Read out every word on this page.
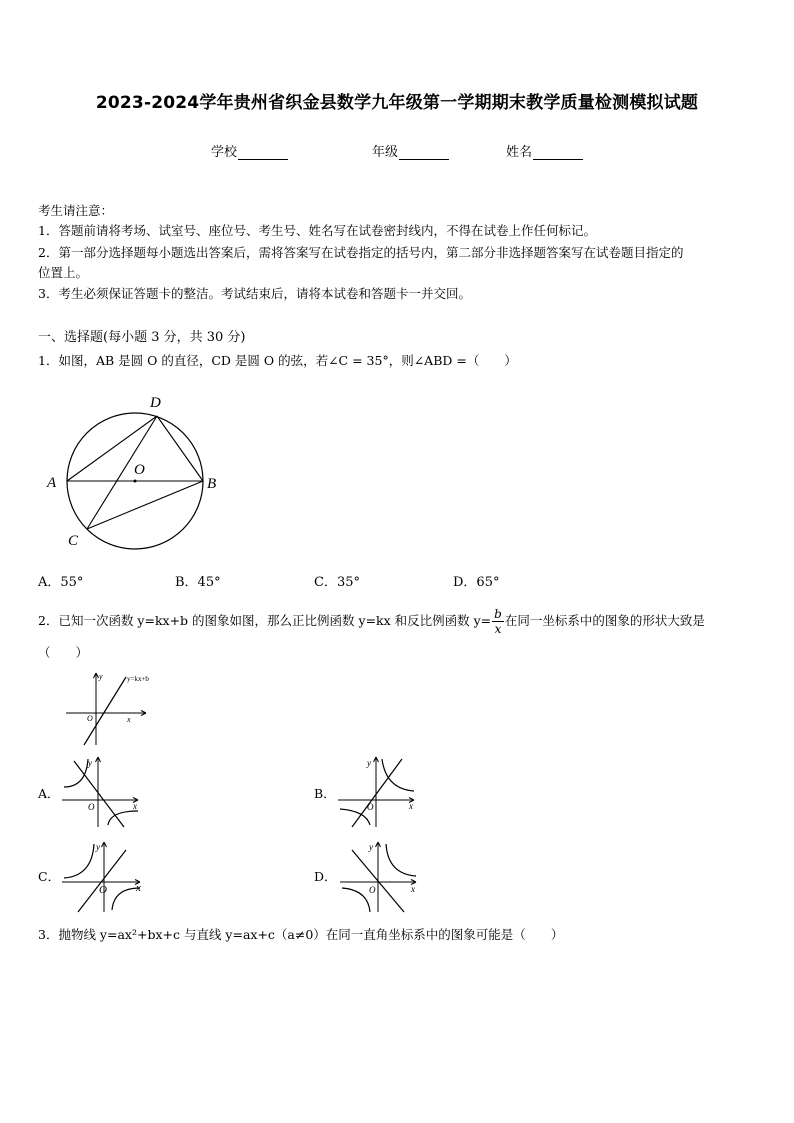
2023-2024学年贵州省织金县数学九年级第一学期期末教学质量检测模拟试题
学校	年级	姓名
考生请注意：
1．答题前请将考场、试室号、座位号、考生号、姓名写在试卷密封线内，不得在试卷上作任何标记。
2．第一部分选择题每小题选出答案后，需将答案写在试卷指定的括号内，第二部分非选择题答案写在试卷题目指定的
位置上。
3．考生必须保证答题卡的整洁。考试结束后，请将本试卷和答题卡一并交回。
一、选择题(每小题 3 分，共 30 分)
1．如图，AB 是圆 O 的直径，CD 是圆 O 的弦，若∠C = 35°，则∠ABD =（　　）
D
O
A	B
C
A．55°	B．45°	C．35°	D．65°
2．已知一次函数 y=kx+b 的图象如图，那么正比例函数 y=kx 和反比例函数 $y= \frac{b}{x}$ 在同一坐标系中的图象的形状大致是
（　　）
y=kx+b
y
x
O
A．
y
x
O
B．
y
x
O
C．
y
x
O
D．
y
x
O
3．抛物线 y=ax²+bx+c 与直线 y=ax+c（a≠0）在同一直角坐标系中的图象可能是（　　）
